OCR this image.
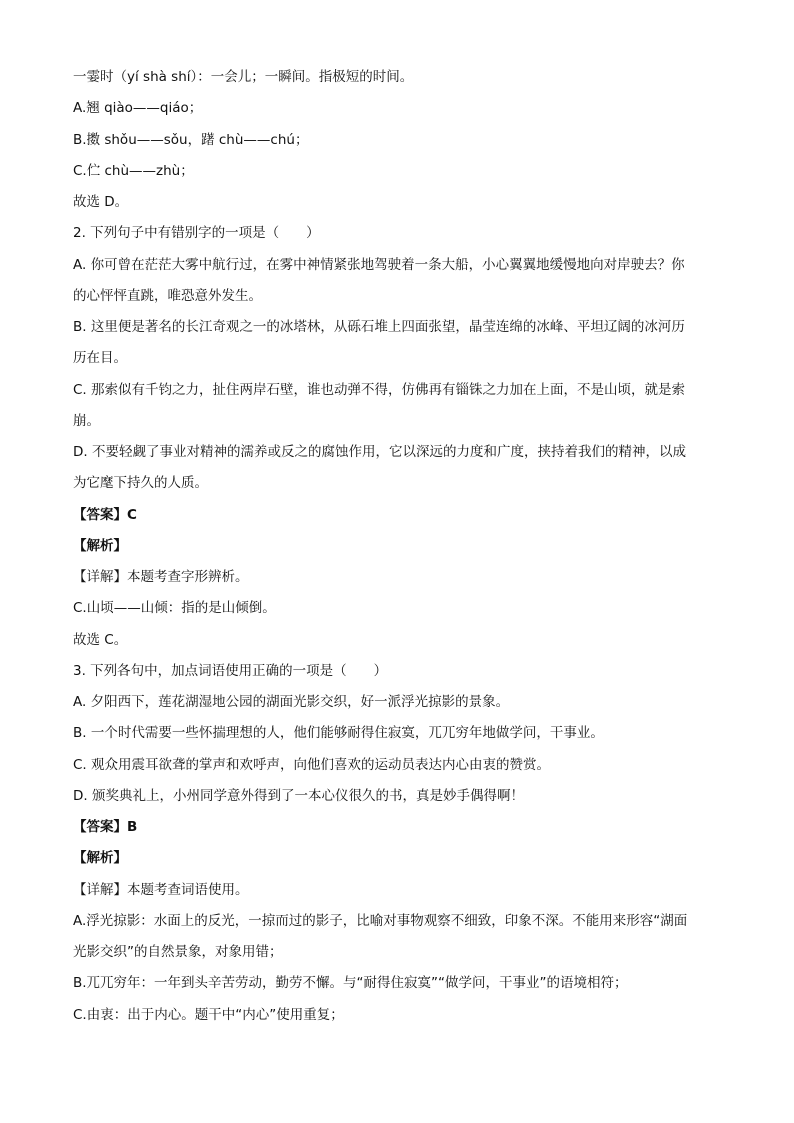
一霎时（yí shà shí）：一会儿；一瞬间。指极短的时间。
A.翘 qiào——qiáo；
B.擞 shǒu——sǒu，躇 chù——chú；
C.伫 chù——zhù；
故选 D。
2. 下列句子中有错别字的一项是（　　）
A. 你可曾在茫茫大雾中航行过，在雾中神情紧张地驾驶着一条大船，小心翼翼地缓慢地向对岸驶去？你
的心怦怦直跳，唯恐意外发生。
B. 这里便是著名的长江奇观之一的冰塔林，从砾石堆上四面张望，晶莹连绵的冰峰、平坦辽阔的冰河历
历在目。
C. 那索似有千钧之力，扯住两岸石壁，谁也动弹不得，仿佛再有锱铢之力加在上面，不是山顷，就是索
崩。
D. 不要轻觑了事业对精神的濡养或反之的腐蚀作用，它以深远的力度和广度，挟持着我们的精神，以成
为它麾下持久的人质。
【答案】C
【解析】
【详解】本题考查字形辨析。
C.山顷——山倾：指的是山倾倒。
故选 C。
3. 下列各句中，加点词语使用正确的一项是（　　）
A. 夕阳西下，莲花湖湿地公园的湖面光影交织，好一派浮光掠影的景象。
B. 一个时代需要一些怀揣理想的人，他们能够耐得住寂寞，兀兀穷年地做学问，干事业。
C. 观众用震耳欲聋的掌声和欢呼声，向他们喜欢的运动员表达内心由衷的赞赏。
D. 颁奖典礼上，小州同学意外得到了一本心仪很久的书，真是妙手偶得啊！
【答案】B
【解析】
【详解】本题考查词语使用。
A.浮光掠影：水面上的反光，一掠而过的影子，比喻对事物观察不细致，印象不深。不能用来形容“湖面
光影交织”的自然景象，对象用错；
B.兀兀穷年：一年到头辛苦劳动，勤劳不懈。与“耐得住寂寞”“做学问，干事业”的语境相符；
C.由衷：出于内心。题干中“内心”使用重复；
